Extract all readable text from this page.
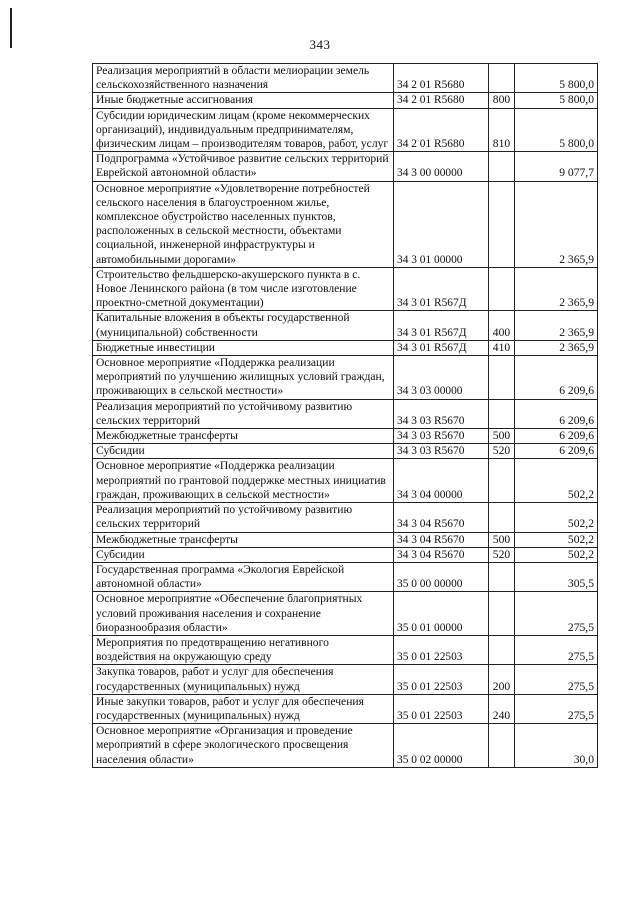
343
Реализация мероприятий в области мелиорации земель сельскохозяйственного назначения	34 2 01 R5680		5 800,0
Иные бюджетные ассигнования	34 2 01 R5680	800	5 800,0
Субсидии юридическим лицам (кроме некоммерческих организаций), индивидуальным предпринимателям, физическим лицам – производителям товаров, работ, услуг	34 2 01 R5680	810	5 800,0
Подпрограмма «Устойчивое развитие сельских территорий Еврейской автономной области»	34 3 00 00000		9 077,7
Основное мероприятие «Удовлетворение потребностей сельского населения в благоустроенном жилье, комплексное обустройство населенных пунктов, расположенных в сельской местности, объектами социальной, инженерной инфраструктуры и автомобильными дорогами»	34 3 01 00000		2 365,9
Строительство фельдшерско-акушерского пункта в с. Новое Ленинского района (в том числе изготовление проектно-сметной документации)	34 3 01 R567Д		2 365,9
Капитальные вложения в объекты государственной (муниципальной) собственности	34 3 01 R567Д	400	2 365,9
Бюджетные инвестиции	34 3 01 R567Д	410	2 365,9
Основное мероприятие «Поддержка реализации мероприятий по улучшению жилищных условий граждан, проживающих в сельской местности»	34 3 03 00000		6 209,6
Реализация мероприятий по устойчивому развитию сельских территорий	34 3 03 R5670		6 209,6
Межбюджетные трансферты	34 3 03 R5670	500	6 209,6
Субсидии	34 3 03 R5670	520	6 209,6
Основное мероприятие «Поддержка реализации мероприятий по грантовой поддержке местных инициатив граждан, проживающих в сельской местности»	34 3 04 00000		502,2
Реализация мероприятий по устойчивому развитию сельских территорий	34 3 04 R5670		502,2
Межбюджетные трансферты	34 3 04 R5670	500	502,2
Субсидии	34 3 04 R5670	520	502,2
Государственная программа «Экология Еврейской автономной области»	35 0 00 00000		305,5
Основное мероприятие «Обеспечение благоприятных условий проживания населения и сохранение биоразнообразия области»	35 0 01 00000		275,5
Мероприятия по предотвращению негативного воздействия на окружающую среду	35 0 01 22503		275,5
Закупка товаров, работ и услуг для обеспечения государственных (муниципальных) нужд	35 0 01 22503	200	275,5
Иные закупки товаров, работ и услуг для обеспечения государственных (муниципальных) нужд	35 0 01 22503	240	275,5
Основное мероприятие «Организация и проведение мероприятий в сфере экологического просвещения населения области»	35 0 02 00000		30,0
